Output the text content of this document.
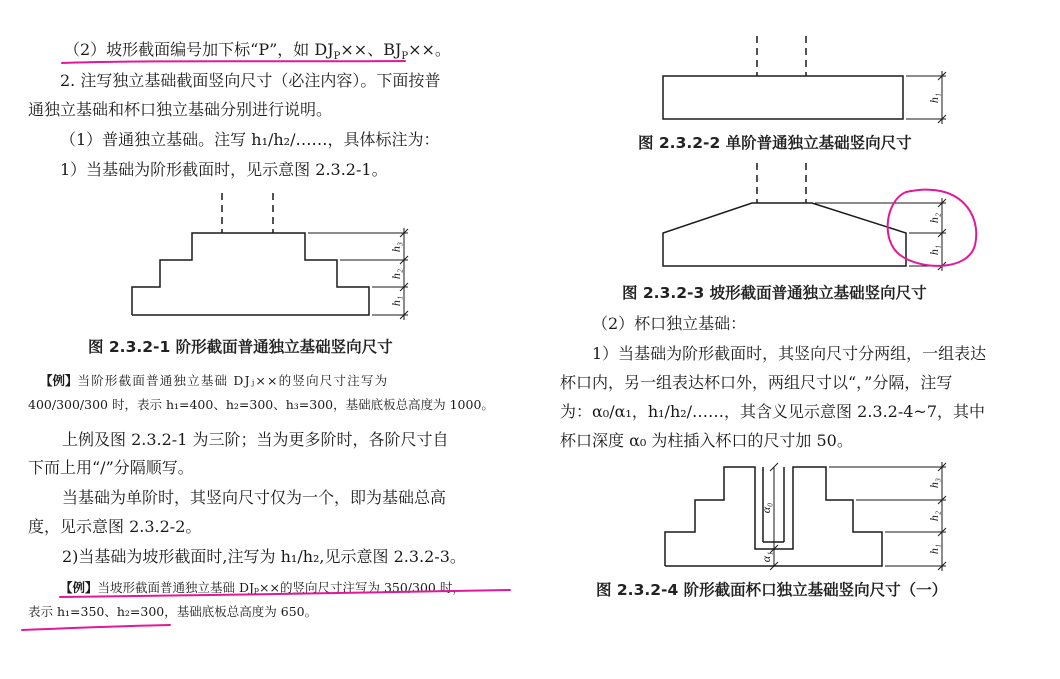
（2）坡形截面编号加下标“P”，如 $DJ_P\times\times$、$BJ_P\times\times$。
2. 注写独立基础截面竖向尺寸（必注内容）。下面按普
通独立基础和杯口独立基础分别进行说明。
（1）普通独立基础。注写 h₁/h₂/……，具体标注为：
1）当基础为阶形截面时，见示意图 2.3.2-1。
图 2.3.2-1 阶形截面普通独立基础竖向尺寸
【例】当阶形截面普通独立基础 DJⱼ××的竖向尺寸注写为
400/300/300 时，表示 h₁=400、h₂=300、h₃=300，基础底板总高度为 1000。
上例及图 2.3.2-1 为三阶；当为更多阶时，各阶尺寸自
下而上用“/”分隔顺写。
当基础为单阶时，其竖向尺寸仅为一个，即为基础总高
度，见示意图 2.3.2-2。
2)当基础为坡形截面时,注写为 h₁/h₂,见示意图 2.3.2-3。
【例】当坡形截面普通独立基础 DJₚ××的竖向尺寸注写为 350/300 时，
表示 h₁=350、h₂=300，基础底板总高度为 650。
图 2.3.2-2 单阶普通独立基础竖向尺寸
图 2.3.2-3 坡形截面普通独立基础竖向尺寸
（2）杯口独立基础：
1）当基础为阶形截面时，其竖向尺寸分两组，一组表达
杯口内，另一组表达杯口外，两组尺寸以“，”分隔，注写
为：α₀/α₁，h₁/h₂/……，其含义见示意图 2.3.2-4~7，其中
杯口深度 α₀ 为柱插入杯口的尺寸加 50。
图 2.3.2-4 阶形截面杯口独立基础竖向尺寸（一）
h₃
h₂
h₁
h₁
h₂
h₁
α₀
α₁
h₃
h₂
h₁
